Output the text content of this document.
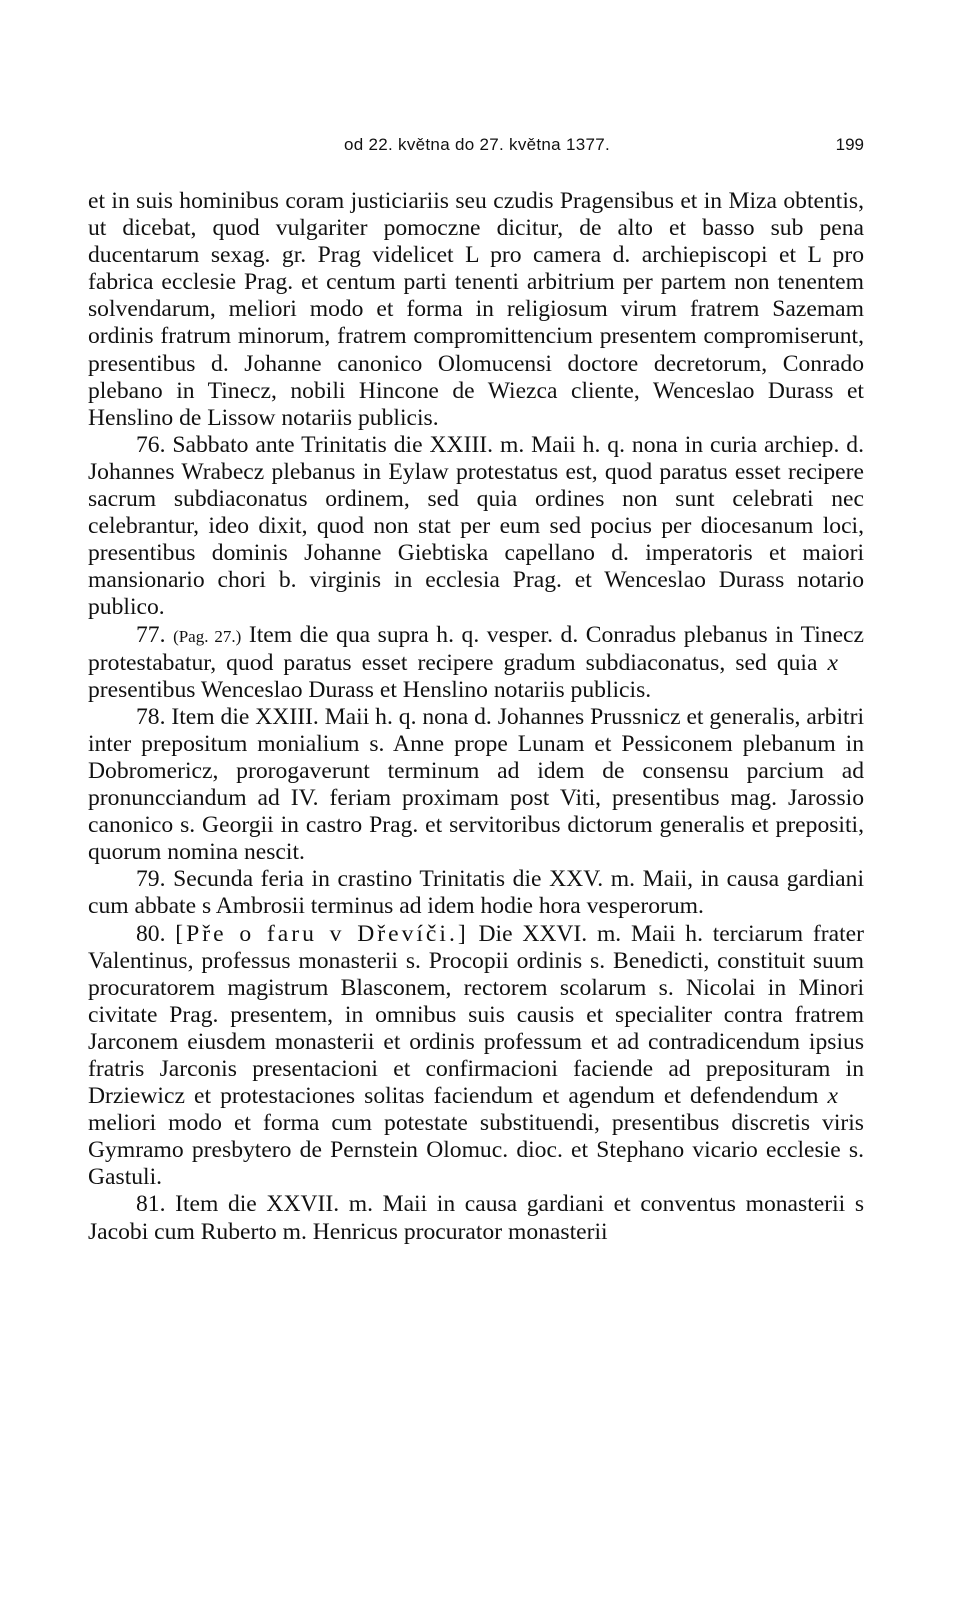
od 22. května do 27. května 1377.	199

et in suis hominibus coram justiciariis seu czudis Pragensibus et in Miza obtentis, ut dicebat, quod vulgariter pomoczne dicitur, de alto et basso sub pena ducentarum sexag. gr. Prag videlicet L pro camera d. archiepiscopi et L pro fabrica ecclesie Prag. et centum parti tenenti arbitrium per partem non tenentem solvendarum, meliori modo et forma in religiosum virum fratrem Sazemam ordinis fratrum minorum, fratrem compromittencium presentem compromiserunt, presentibus d. Johanne canonico Olomucensi doctore decretorum, Conrado plebano in Tinecz, nobili Hincone de Wiezca cliente, Wenceslao Durass et Henslino de Lissow notariis publicis.

76. Sabbato ante Trinitatis die XXIII. m. Maii h. q. nona in curia archiep. d. Johannes Wrabecz plebanus in Eylaw protestatus est, quod paratus esset recipere sacrum subdiaconatus ordinem, sed quia ordines non sunt celebrati nec celebrantur, ideo dixit, quod non stat per eum sed pocius per diocesanum loci, presentibus dominis Johanne Giebtiska capellano d. imperatoris et maiori mansionario chori b. virginis in ecclesia Prag. et Wenceslao Durass notario publico.

77. (Pag. 27.) Item die qua supra h. q. vesper. d. Conradus plebanus in Tinecz protestabatur, quod paratus esset recipere gradum subdiaconatus, sed quia x presentibus Wenceslao Durass et Henslino notariis publicis.

78. Item die XXIII. Maii h. q. nona d. Johannes Prussnicz et generalis, arbitri inter prepositum monialium s. Anne prope Lunam et Pessiconem plebanum in Dobromericz, prorogaverunt terminum ad idem de consensu parcium ad pronuncciandum ad IV. feriam proximam post Viti, presentibus mag. Jarossio canonico s. Georgii in castro Prag. et servitoribus dictorum generalis et prepositi, quorum nomina nescit.

79. Secunda feria in crastino Trinitatis die XXV. m. Maii, in causa gardiani cum abbate s Ambrosii terminus ad idem hodie hora vesperorum.

80. [Pře o faru v Dřevíči.] Die XXVI. m. Maii h. terciarum frater Valentinus, professus monasterii s. Procopii ordinis s. Benedicti, constituit suum procuratorem magistrum Blasconem, rectorem scolarum s. Nicolai in Minori civitate Prag. presentem, in omnibus suis causis et specialiter contra fratrem Jarconem eiusdem monasterii et ordinis professum et ad contradicendum ipsius fratris Jarconis presentacioni et confirmacioni faciende ad preposituram in Drziewicz et protestaciones solitas faciendum et agendum et defendendum x meliori modo et forma cum potestate substituendi, presentibus discretis viris Gymramo presbytero de Pernstein Olomuc. dioc. et Stephano vicario ecclesie s. Gastuli.

81. Item die XXVII. m. Maii in causa gardiani et conventus monasterii s Jacobi cum Ruberto m. Henricus procurator monasterii
